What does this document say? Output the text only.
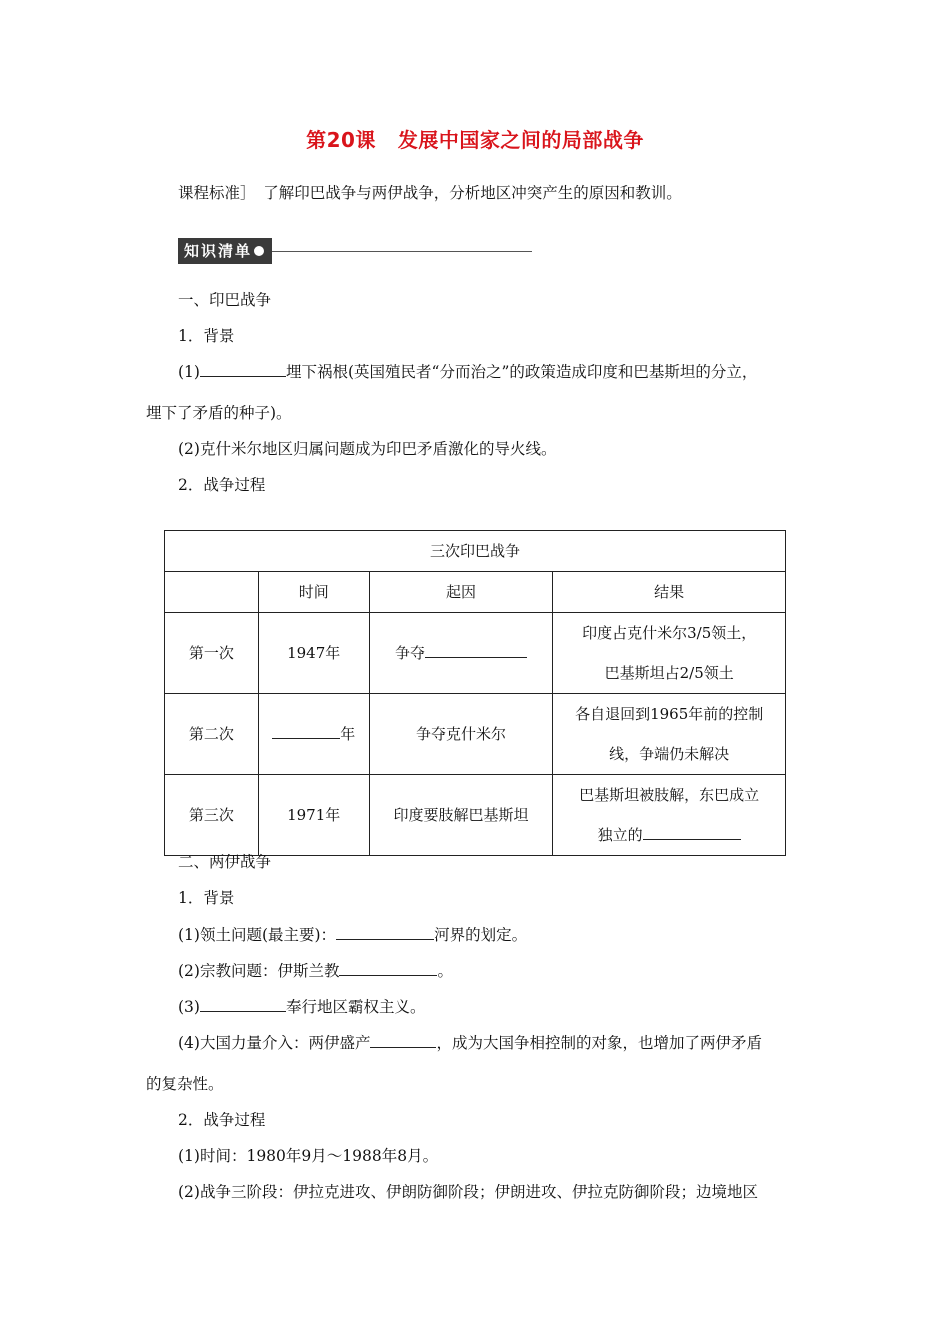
第20课 发展中国家之间的局部战争
课程标准］　了解印巴战争与两伊战争，分析地区冲突产生的原因和教训。
知识清单
一、印巴战争
1．背景
(1)	埋下祸根(英国殖民者“分而治之”的政策造成印度和巴基斯坦的分立，
埋下了矛盾的种子)。
(2)克什米尔地区归属问题成为印巴矛盾激化的导火线。
2．战争过程
三次印巴战争			
	时间	起因	结果
第一次	1947年	争夺	印度占克什米尔3/5领土，
巴基斯坦占2/5领土

第二次	年	争夺克什米尔	各自退回到1965年前的控制
线，争端仍未解决

第三次	1971年	印度要肢解巴基斯坦	巴基斯坦被肢解，东巴成立
独立的
二、两伊战争
1．背景
(1)领土问题(最主要)：	河界的划定。
(2)宗教问题：伊斯兰教	。
(3)	奉行地区霸权主义。
(4)大国力量介入：两伊盛产	，成为大国争相控制的对象，也增加了两伊矛盾
的复杂性。
2．战争过程
(1)时间：1980年9月～1988年8月。
(2)战争三阶段：伊拉克进攻、伊朗防御阶段；伊朗进攻、伊拉克防御阶段；边境地区
